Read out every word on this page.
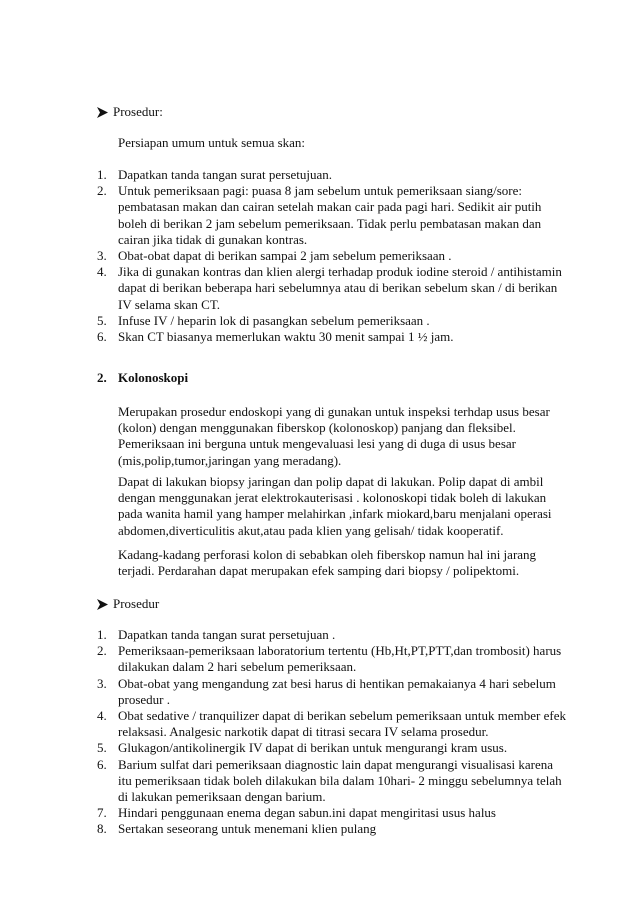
Prosedur:
Persiapan umum untuk semua skan:
1. Dapatkan tanda tangan surat persetujuan.
2. Untuk pemeriksaan pagi: puasa 8 jam sebelum untuk pemeriksaan siang/sore: pembatasan makan dan cairan setelah makan cair pada pagi hari. Sedikit air putih boleh di berikan 2 jam sebelum pemeriksaan. Tidak perlu pembatasan makan dan cairan jika tidak di gunakan kontras.
3. Obat-obat dapat di berikan sampai 2 jam sebelum pemeriksaan .
4. Jika di gunakan kontras dan klien alergi terhadap produk iodine steroid / antihistamin dapat di berikan beberapa hari sebelumnya atau di berikan sebelum skan / di berikan IV selama skan CT.
5. Infuse IV / heparin lok di pasangkan sebelum pemeriksaan .
6. Skan CT biasanya memerlukan waktu 30 menit sampai 1 ½ jam.
2. Kolonoskopi
Merupakan prosedur endoskopi yang di gunakan untuk inspeksi terhdap usus besar (kolon) dengan menggunakan fiberskop (kolonoskop) panjang dan fleksibel. Pemeriksaan ini berguna untuk mengevaluasi lesi yang di duga di usus besar (mis,polip,tumor,jaringan yang meradang).
Dapat di lakukan biopsy jaringan dan polip dapat di lakukan. Polip dapat di ambil dengan menggunakan jerat elektrokauterisasi . kolonoskopi tidak boleh di lakukan pada wanita hamil yang hamper melahirkan ,infark miokard,baru menjalani operasi abdomen,diverticulitis akut,atau pada klien yang gelisah/ tidak kooperatif.
Kadang-kadang perforasi kolon di sebabkan oleh fiberskop namun hal ini jarang terjadi. Perdarahan dapat merupakan efek samping dari biopsy / polipektomi.
Prosedur
1. Dapatkan tanda tangan surat persetujuan .
2. Pemeriksaan-pemeriksaan laboratorium tertentu (Hb,Ht,PT,PTT,dan trombosit) harus dilakukan dalam 2 hari sebelum pemeriksaan.
3. Obat-obat yang mengandung zat besi harus di hentikan pemakaianya 4 hari sebelum prosedur .
4. Obat sedative / tranquilizer dapat di berikan sebelum pemeriksaan untuk member efek relaksasi. Analgesic narkotik dapat di titrasi secara IV selama prosedur.
5. Glukagon/antikolinergik IV dapat di berikan untuk mengurangi kram usus.
6. Barium sulfat dari pemeriksaan diagnostic lain dapat mengurangi visualisasi karena itu pemeriksaan tidak boleh dilakukan bila dalam 10hari- 2 minggu sebelumnya telah di lakukan pemeriksaan dengan barium.
7. Hindari penggunaan enema degan sabun.ini dapat mengiritasi usus halus
8. Sertakan seseorang untuk menemani klien pulang
